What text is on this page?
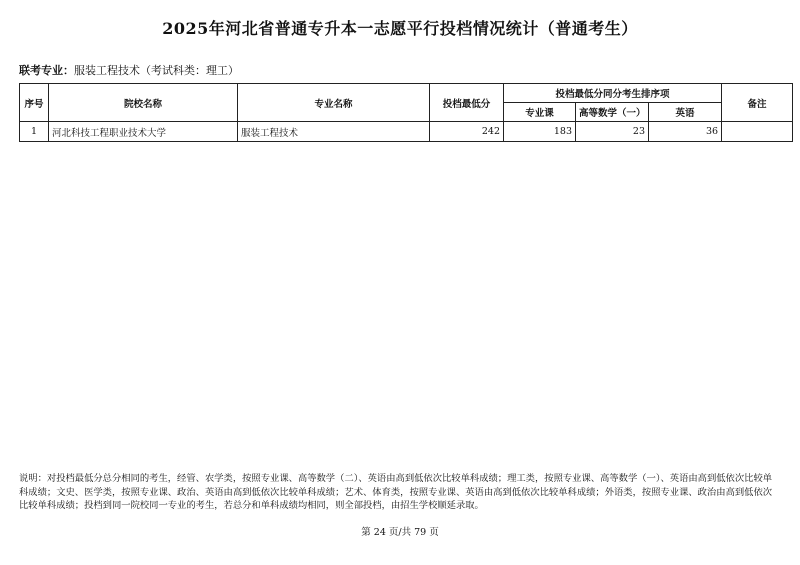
2025年河北省普通专升本一志愿平行投档情况统计（普通考生）
联考专业：服装工程技术（考试科类：理工）
序号	院校名称	专业名称	投档最低分	投档最低分同分考生排序项			备注
				专业课	高等数学（一）	英语	
1	河北科技工程职业技术大学	服装工程技术	242	183	23	36	
说明：对投档最低分总分相同的考生，经管、农学类，按照专业课、高等数学（二）、英语由高到低依次比较单科成绩；理工类，按照专业课、高等数学（一）、英语由高到低依次比较单科成绩；文史、医学类，按照专业课、政治、英语由高到低依次比较单科成绩；艺术、体育类，按照专业课、英语由高到低依次比较单科成绩；外语类，按照专业课、政治由高到低依次比较单科成绩；投档到同一院校同一专业的考生，若总分和单科成绩均相同，则全部投档，由招生学校顺延录取。
第 24 页/共 79 页
